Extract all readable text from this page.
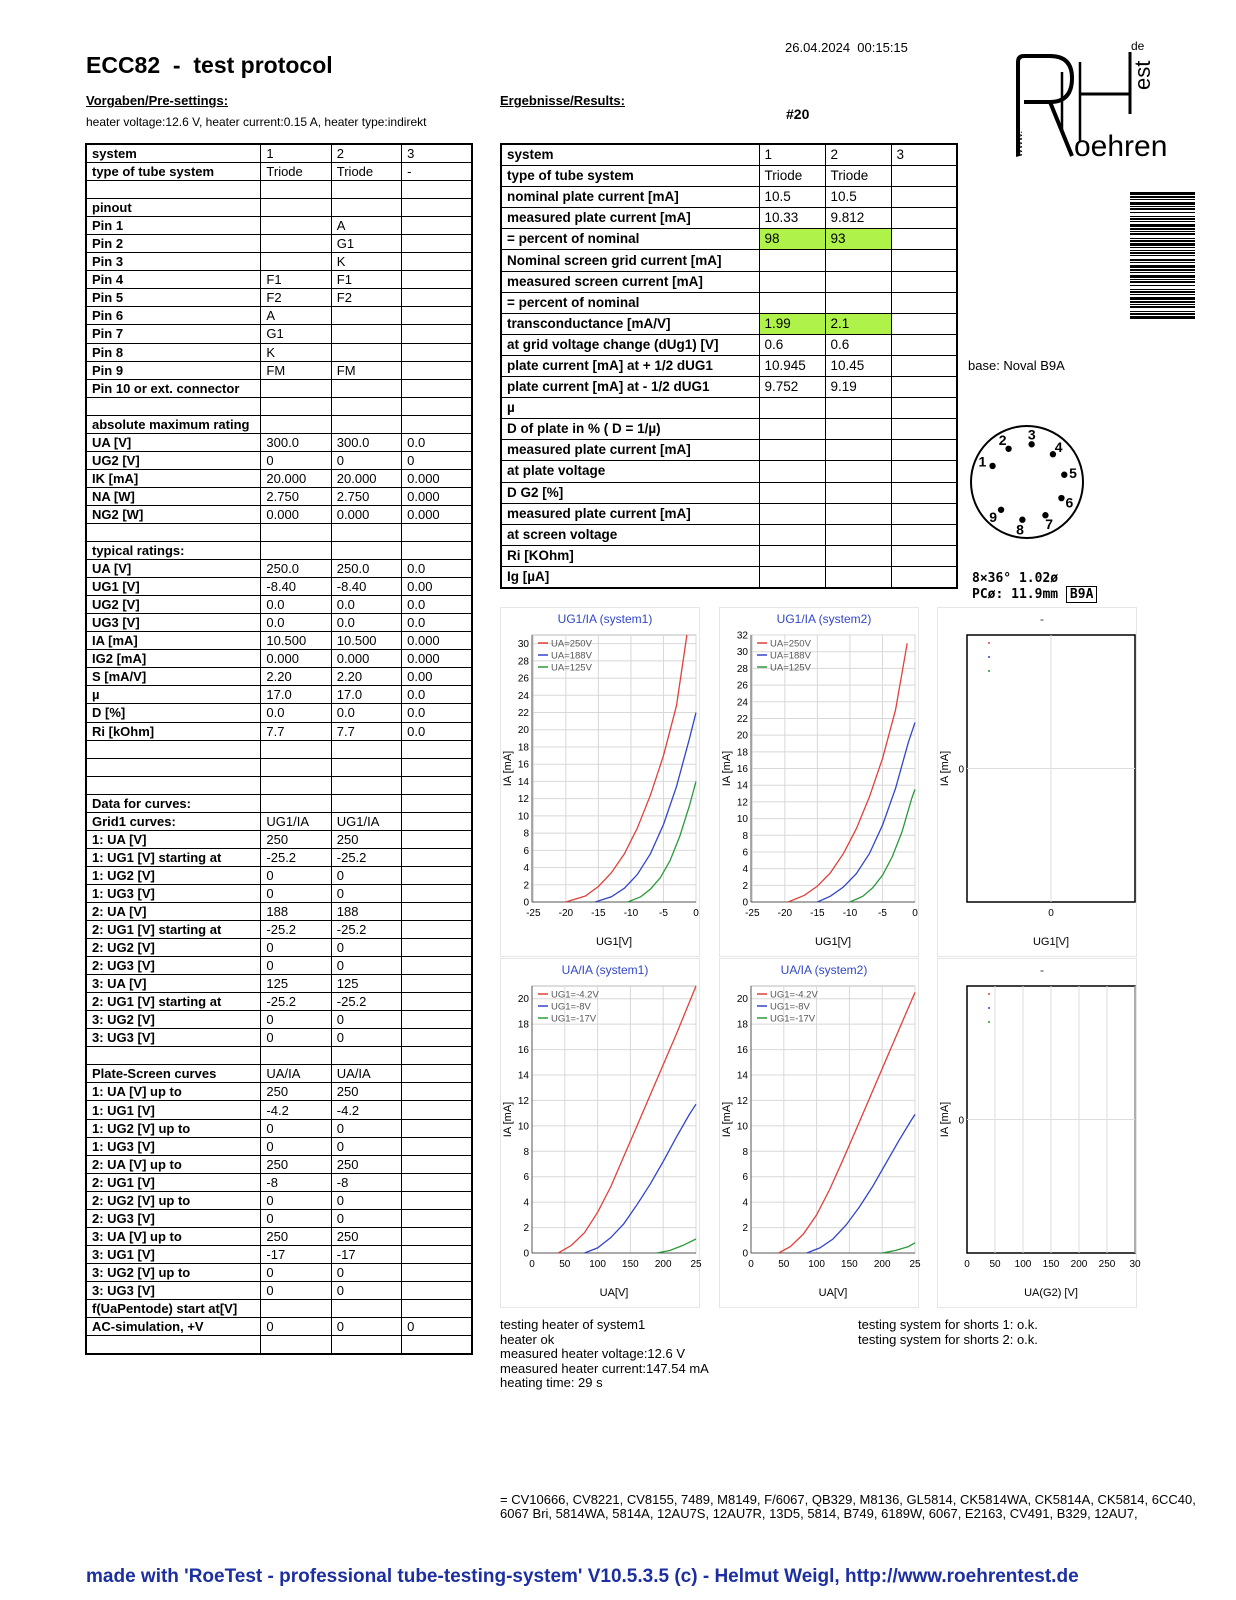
ECC82  -  test protocol
26.04.2024  00:15:15
Vorgaben/Pre-settings:
heater voltage:12.6 V, heater current:0.15 A, heater type:indirekt
Ergebnisse/Results:
#20
www. oehren
est
de
system	1	2	3
type of tube system	Triode	Triode	-

pinout			
Pin 1		A	
Pin 2		G1	
Pin 3		K	
Pin 4	F1	F1	
Pin 5	F2	F2	
Pin 6	A		
Pin 7	G1		
Pin 8	K		
Pin 9	FM	FM	
Pin 10 or ext. connector			

absolute maximum rating			
UA [V]	300.0	300.0	0.0
UG2 [V]	0	0	0
IK [mA]	20.000	20.000	0.000
NA [W]	2.750	2.750	0.000
NG2 [W]	0.000	0.000	0.000

typical ratings:			
UA [V]	250.0	250.0	0.0
UG1 [V]	-8.40	-8.40	0.00
UG2 [V]	0.0	0.0	0.0
UG3 [V]	0.0	0.0	0.0
IA [mA]	10.500	10.500	0.000
IG2 [mA]	0.000	0.000	0.000
S [mA/V]	2.20	2.20	0.00
µ	17.0	17.0	0.0
D [%]	0.0	0.0	0.0
Ri [kOhm]	7.7	7.7	0.0

Data for curves:			
Grid1 curves:	UG1/IA	UG1/IA	
1: UA [V]	250	250	
1: UG1 [V] starting at	-25.2	-25.2	
1: UG2 [V]	0	0	
1: UG3 [V]	0	0	
2: UA [V]	188	188	
2: UG1 [V] starting at	-25.2	-25.2	
2: UG2 [V]	0	0	
2: UG3 [V]	0	0	
3: UA [V]	125	125	
2: UG1 [V] starting at	-25.2	-25.2	
3: UG2 [V]	0	0	
3: UG3 [V]	0	0	

Plate-Screen curves	UA/IA	UA/IA	
1: UA [V] up to	250	250	
1: UG1 [V]	-4.2	-4.2	
1: UG2 [V] up to	0	0	
1: UG3 [V]	0	0	
2: UA [V] up to	250	250	
2: UG1 [V]	-8	-8	
2: UG2 [V] up to	0	0	
2: UG3 [V]	0	0	
3: UA [V] up to	250	250	
3: UG1 [V]	-17	-17	
3: UG2 [V] up to	0	0	
3: UG3 [V]	0	0	
f(UaPentode) start at[V]			
AC-simulation, +V	0	0	0

system	1	2	3
type of tube system	Triode	Triode	
nominal plate current [mA]	10.5	10.5	
measured plate current [mA]	10.33	9.812	
= percent of nominal	98	93	
Nominal screen grid current [mA]			
measured screen current [mA]			
= percent of nominal			
transconductance [mA/V]	1.99	2.1	
at grid voltage change (dUg1) [V]	0.6	0.6	
plate current [mA] at + 1/2 dUG1	10.945	10.45	
plate current [mA] at - 1/2 dUG1	9.752	9.19	
µ			
D of plate in % ( D = 1/µ)			
measured plate current [mA]			
at plate voltage			
D G2 [%]			
measured plate current [mA]			
at screen voltage			
Ri [KOhm]			
Ig [µA]			
base: Noval B9A
1
2 3
4
5
6
7
8
9
8×36° 1.02ø
PCø: 11.9mm B9A
UG1/IA (system1)
IA [mA]
UG1[V]
0
2
4
6
8
10
12
14
16
18
20
22
24
26
28
30
-25 -20 -15 -10 -5	0
UA=250V
UA=188V
UA=125V
UG1/IA (system2)
IA [mA]
UG1[V]
0
2
4
6
8
10
12
14
16
18
20
22
24
26
28
30
32
-25 -20 -15 -10 -5	0
UA=250V
UA=188V
UA=125V
-
IA [mA]
UG1[V]
0
0
UA/IA (system1)
IA [mA]
UA[V]
0
2
4
6
8
10
12
14
16
18
20
0 50 100 150 200 25
UG1=-4.2V
UG1=-8V
UG1=-17V
UA/IA (system2)
IA [mA]
UA[V]
0
2
4
6
8
10
12
14
16
18
20
0 50 100 150 200 25
UG1=-4.2V
UG1=-8V
UG1=-17V
-
IA [mA]
UA(G2) [V]
0 50 100 150 200 250 30
0
testing heater of system1
heater ok
measured heater voltage:12.6 V
measured heater current:147.54 mA
heating time: 29 s
testing system for shorts 1: o.k.
testing system for shorts 2: o.k.
= CV10666, CV8221, CV8155, 7489, M8149, F/6067, QB329, M8136, GL5814, CK5814WA, CK5814A, CK5814, 6CC40, 6067 Bri, 5814WA, 5814A, 12AU7S, 12AU7R, 13D5, 5814, B749, 6189W, 6067, E2163, CV491, B329, 12AU7,
made with 'RoeTest - professional tube-testing-system' V10.5.3.5 (c) - Helmut Weigl, http://www.roehrentest.de
